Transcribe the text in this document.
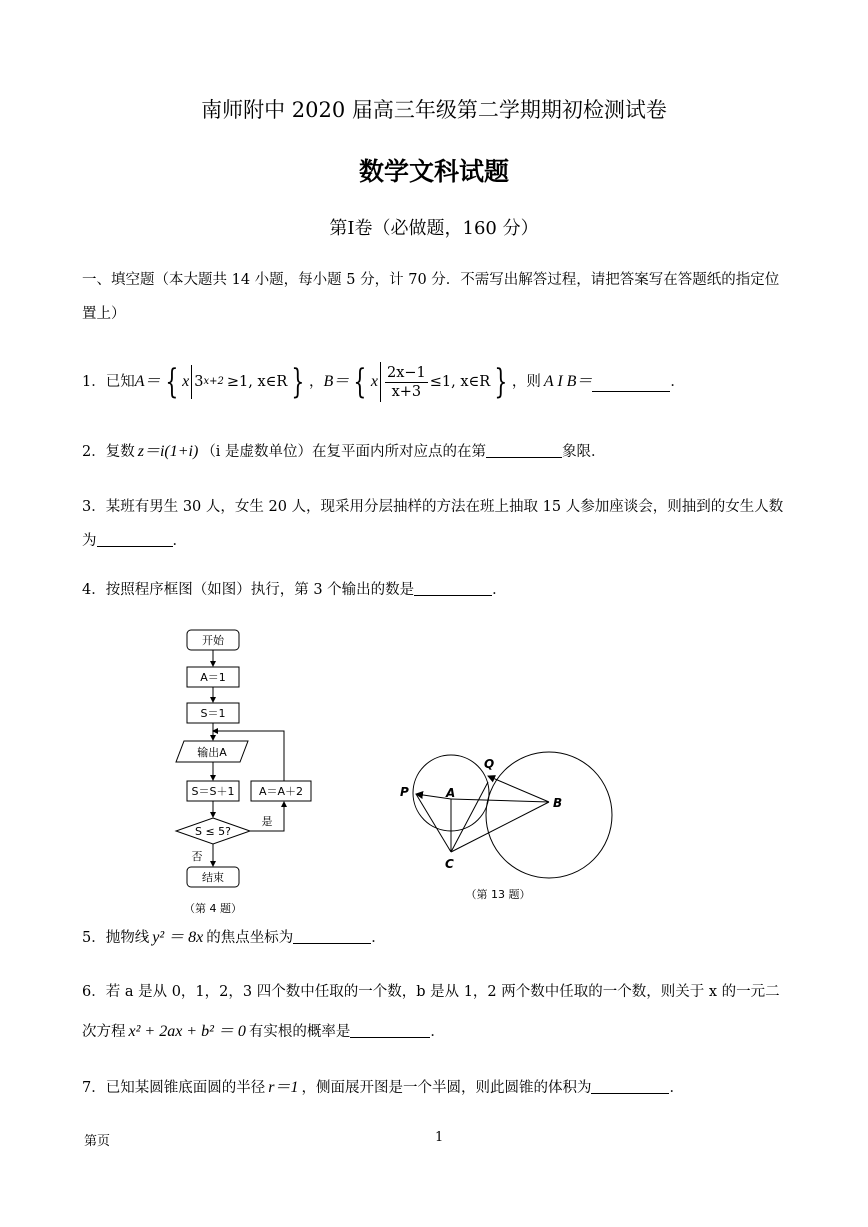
南师附中 2020 届高三年级第二学期期初检测试卷
数学文科试题
第Ⅰ卷（必做题，160 分）
一、填空题（本大题共 14 小题，每小题 5 分，计 70 分．不需写出解答过程，请把答案写在答题纸的指定位置上）
1． 已知 A＝ { x 3 x+2 ≥1, x∈R } ， B＝ { x $\frac{2x-1}{x+3} \le 1$, x∈R } ，则 A I B＝	．
2．复数 z＝i(1+i) （i 是虚数单位）在复平面内所对应点的在第	象限．
3．某班有男生 30 人，女生 20 人，现采用分层抽样的方法在班上抽取 15 人参加座谈会，则抽到的女生人数为	．
4．按照程序框图（如图）执行，第 3 个输出的数是	．
开始
A＝1
S＝1
输出A
S＝S＋1 A＝A＋2
S ≤ 5?
是
否
结束
（第 4 题）
P	A
Q
B
C
（第 13 题）
5．抛物线 y² ＝ 8x 的焦点坐标为	．
6．若 a 是从 0，1，2，3 四个数中任取的一个数，b 是从 1，2 两个数中任取的一个数，则关于 x 的一元二
次方程 x² + 2ax + b² ＝ 0 有实根的概率是	．
7．已知某圆锥底面圆的半径 r＝1 ，侧面展开图是一个半圆，则此圆锥的体积为	．
第页	1
